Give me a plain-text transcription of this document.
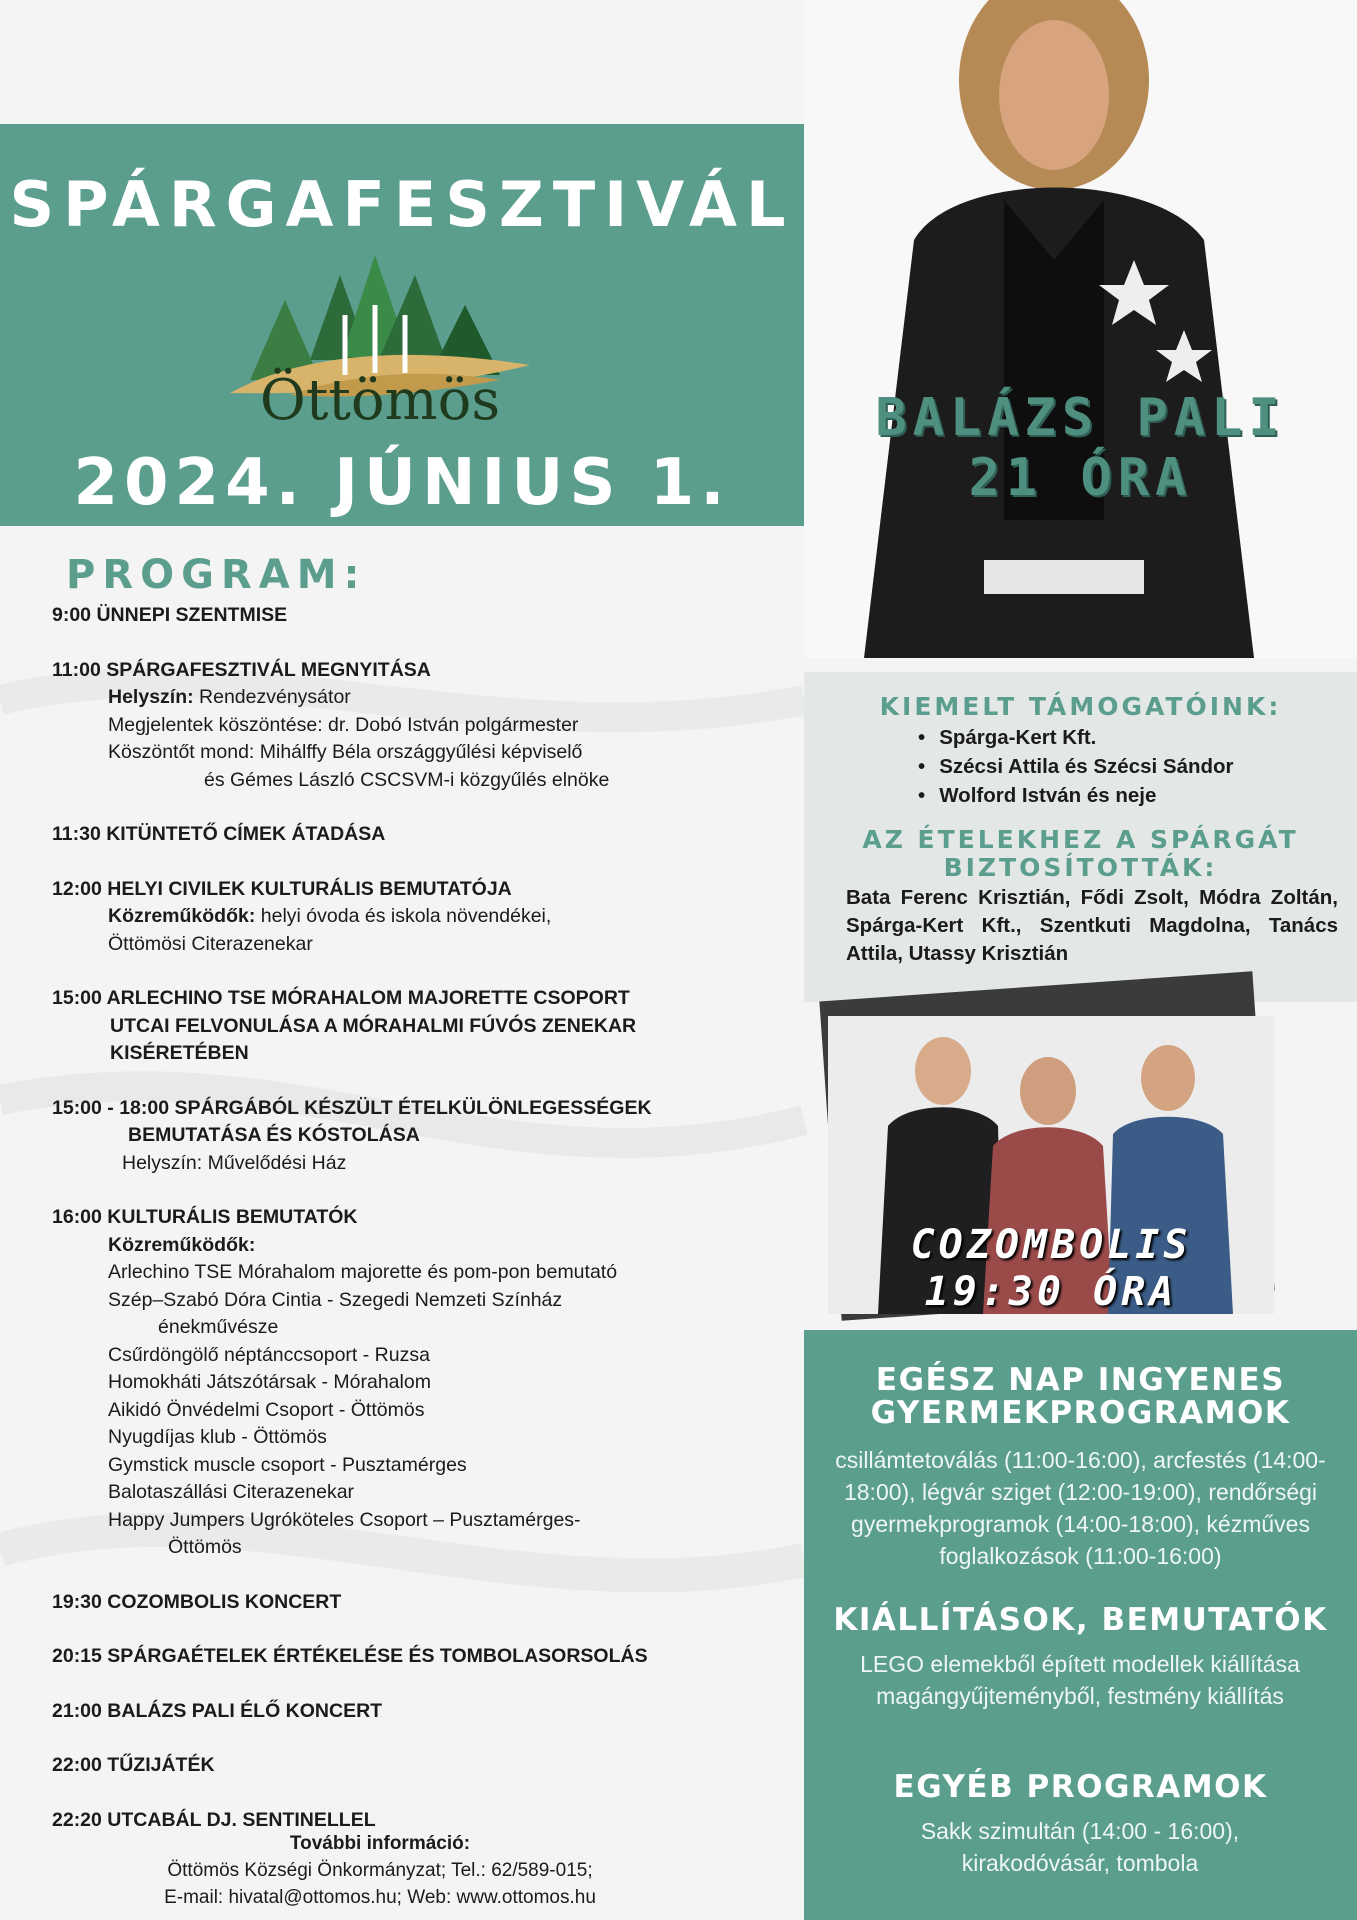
SPÁRGAFESZTIVÁL
Öttömös
2024. JÚNIUS 1.
BALÁZS PALI
21 ÓRA
PROGRAM:
9:00 ÜNNEPI SZENTMISE
11:00 SPÁRGAFESZTIVÁL MEGNYITÁSA
Helyszín: Rendezvénysátor
Megjelentek köszöntése: dr. Dobó István polgármester
Köszöntőt mond: Mihálffy Béla országgyűlési képviselő
és Gémes László CSCSVM-i közgyűlés elnöke
11:30 KITÜNTETŐ CÍMEK ÁTADÁSA
12:00 HELYI CIVILEK KULTURÁLIS BEMUTATÓJA
Közreműködők: helyi óvoda és iskola növendékei,
Öttömösi Citerazenekar
15:00 ARLECHINO TSE MÓRAHALOM MAJORETTE CSOPORT
UTCAI FELVONULÁSA A MÓRAHALMI FÚVÓS ZENEKAR
KISÉRETÉBEN
15:00 - 18:00 SPÁRGÁBÓL KÉSZÜLT ÉTELKÜLÖNLEGESSÉGEK
BEMUTATÁSA ÉS KÓSTOLÁSA
Helyszín: Művelődési Ház
16:00 KULTURÁLIS BEMUTATÓK
Közreműködők:
Arlechino TSE Mórahalom majorette és pom-pon bemutató
Szép–Szabó Dóra Cintia - Szegedi Nemzeti Színház
énekművésze
Csűrdöngölő néptánccsoport - Ruzsa
Homokháti Játszótársak - Mórahalom
Aikidó Önvédelmi Csoport - Öttömös
Nyugdíjas klub - Öttömös
Gymstick muscle csoport - Pusztamérges
Balotaszállási Citerazenekar
Happy Jumpers Ugróköteles Csoport – Pusztamérges-
Öttömös
19:30 COZOMBOLIS KONCERT
20:15 SPÁRGAÉTELEK ÉRTÉKELÉSE ÉS TOMBOLASORSOLÁS
21:00 BALÁZS PALI ÉLŐ KONCERT
22:00 TŰZIJÁTÉK
22:20 UTCABÁL DJ. SENTINELLEL
További információ:
Öttömös Községi Önkormányzat; Tel.: 62/589-015;
E-mail: hivatal@ottomos.hu; Web: www.ottomos.hu
KIEMELT TÁMOGATÓINK:
• Spárga-Kert Kft.
• Szécsi Attila és Szécsi Sándor
• Wolford István és neje
AZ ÉTELEKHEZ A SPÁRGÁT
BIZTOSÍTOTTÁK:
Bata Ferenc Krisztián, Fődi Zsolt, Módra Zoltán, Spárga-Kert Kft., Szentkuti Magdolna, Tanács Attila, Utassy Krisztián
COZOMBOLIS
19:30 ÓRA
EGÉSZ NAP INGYENES
GYERMEKPROGRAMOK
csillámtetoválás (11:00-16:00), arcfestés (14:00-18:00), légvár sziget (12:00-19:00), rendőrségi gyermekprogramok (14:00-18:00), kézműves foglalkozások (11:00-16:00)
KIÁLLÍTÁSOK, BEMUTATÓK
LEGO elemekből épített modellek kiállítása magángyűjteményből, festmény kiállítás
EGYÉB PROGRAMOK
Sakk szimultán (14:00 - 16:00), kirakodóvásár, tombola
